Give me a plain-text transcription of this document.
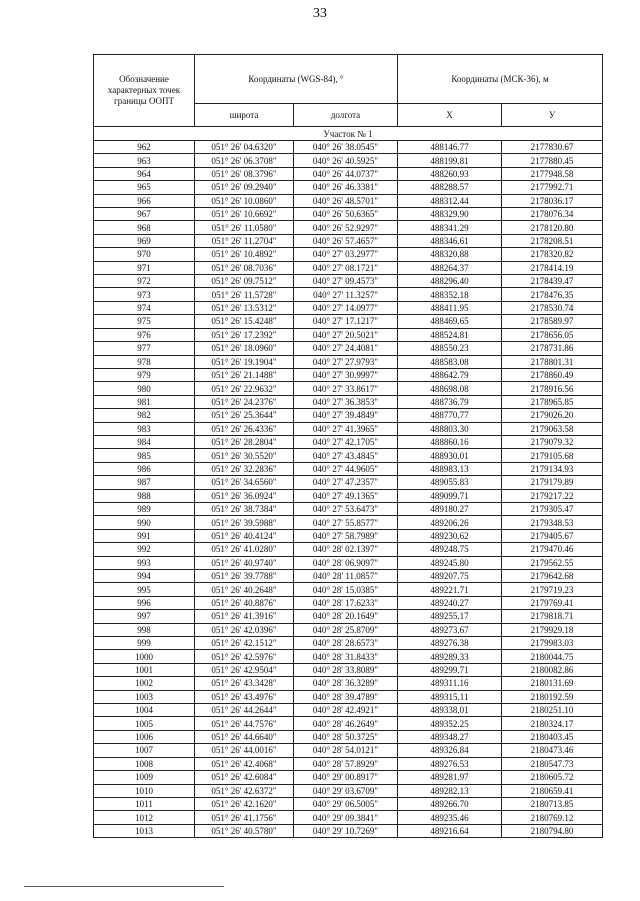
33
Обозначение характерных точек границы ООПТ	Координаты (WGS-84), °		Координаты (МСК-36), м	
	широта	долгота	X	У
Участок № 1				
962	051° 26' 04.6320"	040° 26' 38.0545"	488146.77	2177830.67
963	051° 26' 06.3708"	040° 26' 40.5925"	488199.81	2177880.45
964	051° 26' 08.3796"	040° 26' 44.0737"	488260.93	2177948.58
965	051° 26' 09.2940"	040° 26' 46.3381"	488288.57	2177992.71
966	051° 26' 10.0860"	040° 26' 48.5701"	488312.44	2178036.17
967	051° 26' 10.6692"	040° 26' 50.6365"	488329.90	2178076.34
968	051° 26' 11.0580"	040° 26' 52.9297"	488341.29	2178120.80
969	051° 26' 11.2704"	040° 26' 57.4657"	488346.61	2178208.51
970	051° 26' 10.4892"	040° 27' 03.2977"	488320.88	2178320.82
971	051° 26' 08.7036"	040° 27' 08.1721"	488264.37	2178414.19
972	051° 26' 09.7512"	040° 27' 09.4573"	488296.40	2178439.47
973	051° 26' 11.5728"	040° 27' 11.3257"	488352.18	2178476.35
974	051° 26' 13.5312"	040° 27' 14.0977"	488411.95	2178530.74
975	051° 26' 15.4248"	040° 27' 17.1217"	488469.65	2178589.97
976	051° 26' 17.2392"	040° 27' 20.5021"	488524.81	2178656.05
977	051° 26' 18.0960"	040° 27' 24.4081"	488550.23	2178731.86
978	051° 26' 19.1904"	040° 27' 27.9793"	488583.08	2178801.31
979	051° 26' 21.1488"	040° 27' 30.9997"	488642.79	2178860.49
980	051° 26' 22.9632"	040° 27' 33.8617"	488698.08	2178916.56
981	051° 26' 24.2376"	040° 27' 36.3853"	488736.79	2178965.85
982	051° 26' 25.3644"	040° 27' 39.4849"	488770.77	2179026.20
983	051° 26' 26.4336"	040° 27' 41.3965"	488803.30	2179063.58
984	051° 26' 28.2804"	040° 27' 42.1705"	488860.16	2179079.32
985	051° 26' 30.5520"	040° 27' 43.4845"	488930.01	2179105.68
986	051° 26' 32.2836"	040° 27' 44.9605"	488983.13	2179134.93
987	051° 26' 34.6560"	040° 27' 47.2357"	489055.83	2179179.89
988	051° 26' 36.0924"	040° 27' 49.1365"	489099.71	2179217.22
989	051° 26' 38.7384"	040° 27' 53.6473"	489180.27	2179305.47
990	051° 26' 39.5988"	040° 27' 55.8577"	489206.26	2179348.53
991	051° 26' 40.4124"	040° 27' 58.7989"	489230.62	2179405.67
992	051° 26' 41.0280"	040° 28' 02.1397"	489248.75	2179470.46
993	051° 26' 40.9740"	040° 28' 06.9097"	489245.80	2179562.55
994	051° 26' 39.7788"	040° 28' 11.0857"	489207.75	2179642.68
995	051° 26' 40.2648"	040° 28' 15.0385"	489221.71	2179719.23
996	051° 26' 40.8876"	040° 28' 17.6233"	489240.27	2179769.41
997	051° 26' 41.3916"	040° 28' 20.1649"	489255.17	2179818.71
998	051° 26' 42.0396"	040° 28' 25.8709"	489273.67	2179929.18
999	051° 26' 42.1512"	040° 28' 28.6573"	489276.38	2179983.03
1000	051° 26' 42.5976"	040° 28' 31.8433"	489289.33	2180044.75
1001	051° 26' 42.9504"	040° 28' 33.8089"	489299.71	2180082.86
1002	051° 26' 43.3428"	040° 28' 36.3289"	489311.16	2180131.69
1003	051° 26' 43.4976"	040° 28' 39.4789"	489315.11	2180192.59
1004	051° 26' 44.2644"	040° 28' 42.4921"	489338.01	2180251.10
1005	051° 26' 44.7576"	040° 28' 46.2649"	489352.25	2180324.17
1006	051° 26' 44.6640"	040° 28' 50.3725"	489348.27	2180403.45
1007	051° 26' 44.0016"	040° 28' 54.0121"	489326.84	2180473.46
1008	051° 26' 42.4068"	040° 28' 57.8929"	489276.53	2180547.73
1009	051° 26' 42.6084"	040° 29' 00.8917"	489281.97	2180605.72
1010	051° 26' 42.6372"	040° 29' 03.6709"	489282.13	2180659.41
1011	051° 26' 42.1620"	040° 29' 06.5005"	489266.70	2180713.85
1012	051° 26' 41.1756"	040° 29' 09.3841"	489235.46	2180769.12
1013	051° 26' 40.5780"	040° 29' 10.7269"	489216.64	2180794.80
